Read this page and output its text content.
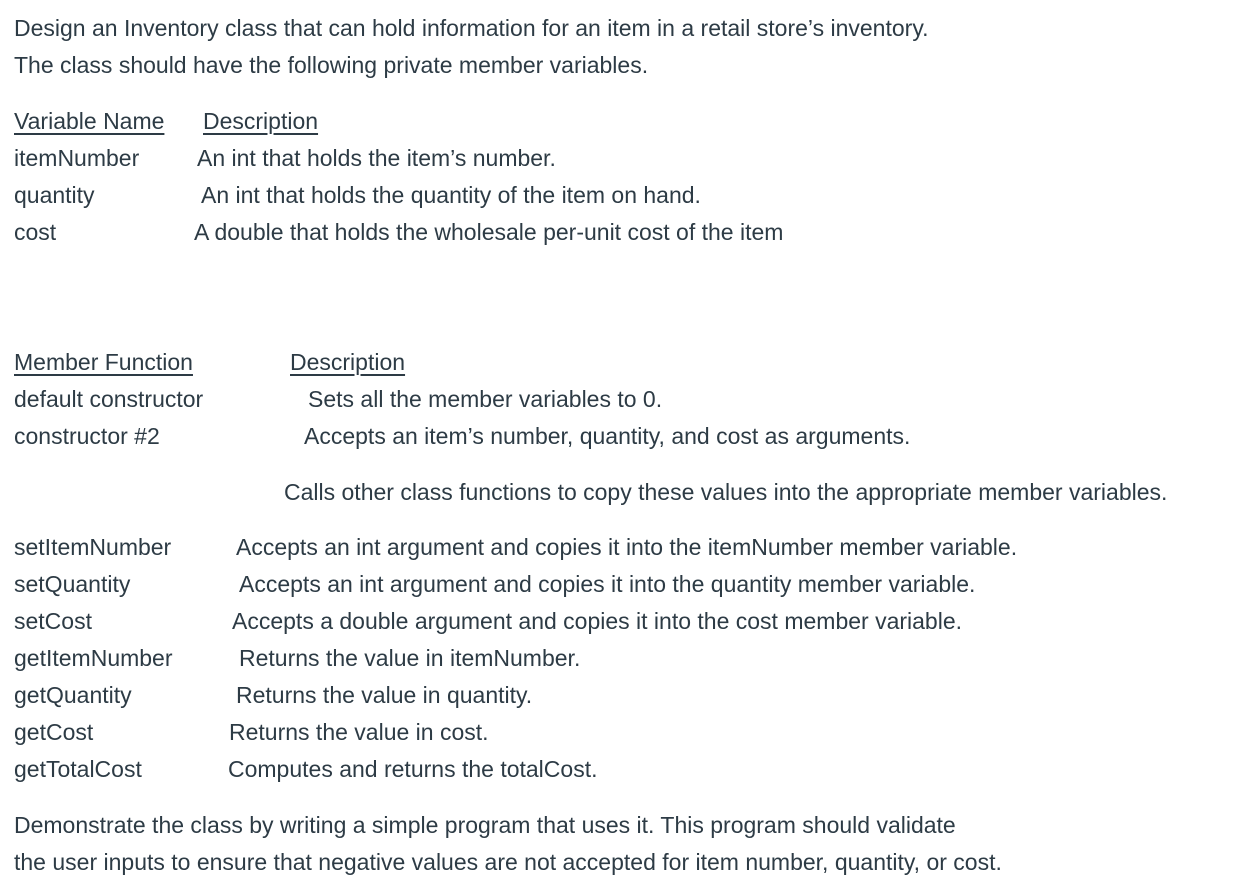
Design an Inventory class that can hold information for an item in a retail store’s inventory.
The class should have the following private member variables.
Variable Name Description
itemNumber	An int that holds the item’s number.
quantity	An int that holds the quantity of the item on hand.
cost	A double that holds the wholesale per-unit cost of the item
Member Function	Description
default constructor	Sets all the member variables to 0.
constructor #2	Accepts an item’s number, quantity, and cost as arguments.
Calls other class functions to copy these values into the appropriate member variables.
setItemNumber	Accepts an int argument and copies it into the itemNumber member variable.
setQuantity	Accepts an int argument and copies it into the quantity member variable.
setCost	Accepts a double argument and copies it into the cost member variable.
getItemNumber	Returns the value in itemNumber.
getQuantity	Returns the value in quantity.
getCost	Returns the value in cost.
getTotalCost	Computes and returns the totalCost.
Demonstrate the class by writing a simple program that uses it. This program should validate
the user inputs to ensure that negative values are not accepted for item number, quantity, or cost.
